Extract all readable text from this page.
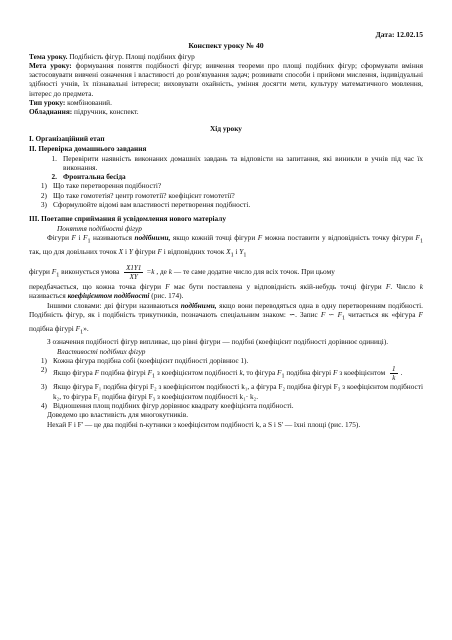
Дата: 12.02.15
Конспект уроку № 40

Тема уроку. Подібність фігур. Площі подібних фігур

Мета уроку: формування поняття подібності фігур; вивчення теореми про площі подібних фігур; сформувати вміння застосовувати вивчені означення і властивості до розв'язування задач; розвивати способи і прийоми мислення, індивідуальні здібності учнів, їх пізнавальні інтереси; виховувати охайність, уміння досягти мети, культуру математичного мовлення, інтерес до предмета.

Тип уроку: комбінований.

Обладнання: підручник, конспект.

Хід уроку
I. Організаційний етап
II. Перевірка домашнього завдання
1. Перевірити наявність виконаних домашніх завдань та відповісти на запитання, які виникли в учнів під час їх виконання.
2. Фронтальна бесіда
1) Що таке перетворення подібності?
2) Що таке гомотетія? центр гомотетії? коефіцієнт гомотетії?
3) Сформулюйте відомі вам властивості перетворення подібності.
III. Поетапне сприймання й усвідомлення нового матеріалу
Поняття подібності фігур

Фігури F і $F_1$ називаються подібними, якщо кожній точці фігури F можна поставити у відповідність точку фігури $F_1$ так, що для довільних точок X і Y фігури F і відповідних точок $X_1$ і $Y_1$

фігури $F_1$ виконується умова $\frac{X1Y1}{XY} =k$ , де k — те саме додатне число для всіх точок. При цьому

передбачається, що кожна точка фігури F має бути поставлена у відповідність якій-небудь точці фігури F. Число k називається коефіцієнтом подібності (рис. 174).

Іншими словами: дві фігури називаються подібними, якщо вони переводяться одна в одну перетворенням подібності. Подібність фігур, як і подібність трикутників, позначають спеціальним знаком: ∽. Запис F ∽ $F_1$ читається як «фігура F подібна фігурі $F_1$».

З означення подібності фігур випливає, що рівні фігури — подібні (коефіцієнт подібності дорівнює одиниці).

Властивості подібних фігур
1) Кожна фігура подібна собі (коефіцієнт подібності дорівнює 1).
2) Якщо фігура F подібна фігурі $F_1$ з коефіцієнтом подібності k, то фігура $F_1$ подібна фігурі F з коефіцієнтом $\frac{1}{k}$ .
3) Якщо фігура F₁ подібна фігурі F₂ з коефіцієнтом подібності k₁, а фігура F₂ подібна фігурі F₃ з коефіцієнтом подібності k₂, то фігура F₁ подібна фігурі F₃ з коефіцієнтом подібності k₁· k₂.
4) Відношення площ подібних фігур дорівнює квадрату коефіцієнта подібності.

Доведемо цю властивість для многокутників.

Нехай F і F' — це два подібні n-кутники з коефіцієнтом подібності k, а S і S' — їхні площі (рис. 175).
